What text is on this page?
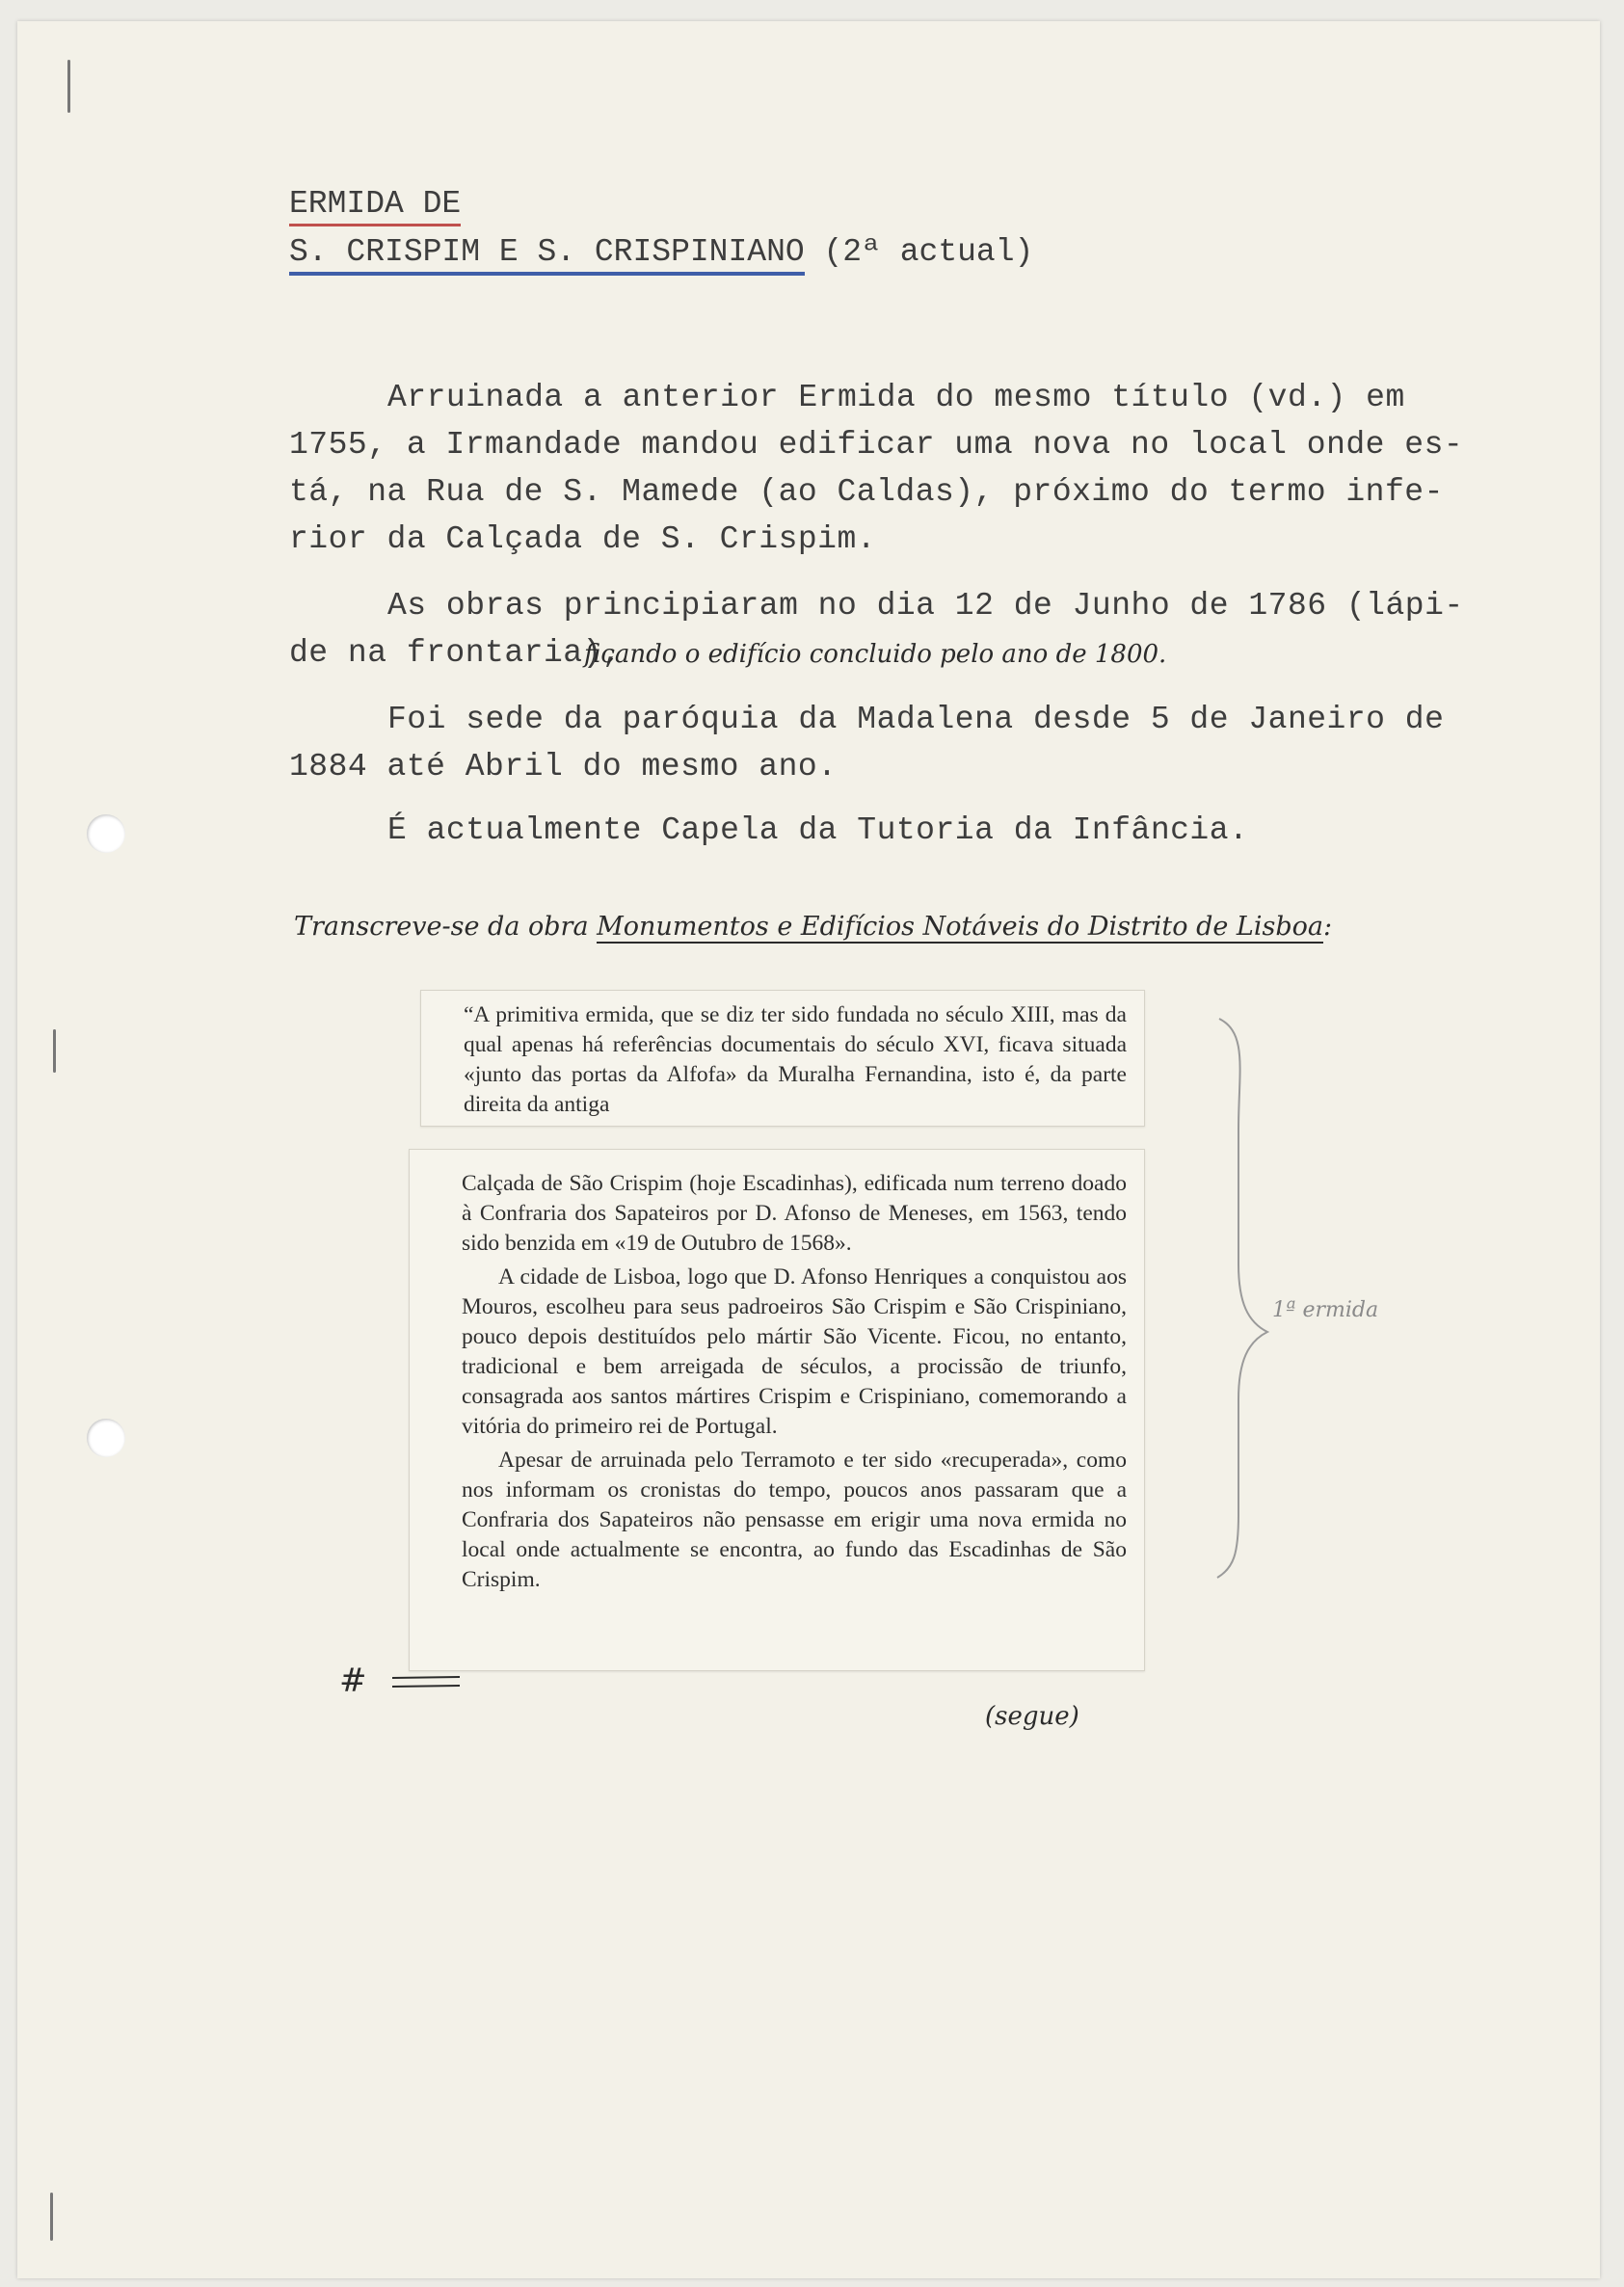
ERMIDA DE
S. CRISPIM E S. CRISPINIANO (2ª actual)
Arruinada a anterior Ermida do mesmo título (vd.) em
1755, a Irmandade mandou edificar uma nova no local onde es-
tá, na Rua de S. Mamede (ao Caldas), próximo do termo infe-
rior da Calçada de S. Crispim.
As obras principiaram no dia 12 de Junho de 1786 (lápi-
de na frontaria),
ficando o edifício concluido pelo ano de 1800.
Foi sede da paróquia da Madalena desde 5 de Janeiro de
1884 até Abril do mesmo ano.
É actualmente Capela da Tutoria da Infância.
Transcreve-se da obra Monumentos e Edifícios Notáveis do Distrito de Lisboa:
“A primitiva ermida, que se diz ter sido fundada no século XIII, mas da qual apenas há referências documentais do século XVI, ficava situada «junto das portas da Alfofa» da Muralha Fernandina, isto é, da parte direita da antiga

Calçada de São Crispim (hoje Escadinhas), edificada num terreno doado à Confraria dos Sapateiros por D. Afonso de Meneses, em 1563, tendo sido benzida em «19 de Outubro de 1568».

A cidade de Lisboa, logo que D. Afonso Henriques a conquistou aos Mouros, escolheu para seus padroeiros São Crispim e São Crispiniano, pouco depois destituídos pelo mártir São Vicente. Ficou, no entanto, tradicional e bem arreigada de séculos, a procissão de triunfo, consagrada aos santos mártires Crispim e Crispiniano, comemorando a vitória do primeiro rei de Portugal.

Apesar de arruinada pelo Terramoto e ter sido «recuperada», como nos informam os cronistas do tempo, poucos anos passaram que a Confraria dos Sapateiros não pensasse em erigir uma nova ermida no local onde actualmente se encontra, ao fundo das Escadinhas de São Crispim.

1ª ermida
#
(segue)
